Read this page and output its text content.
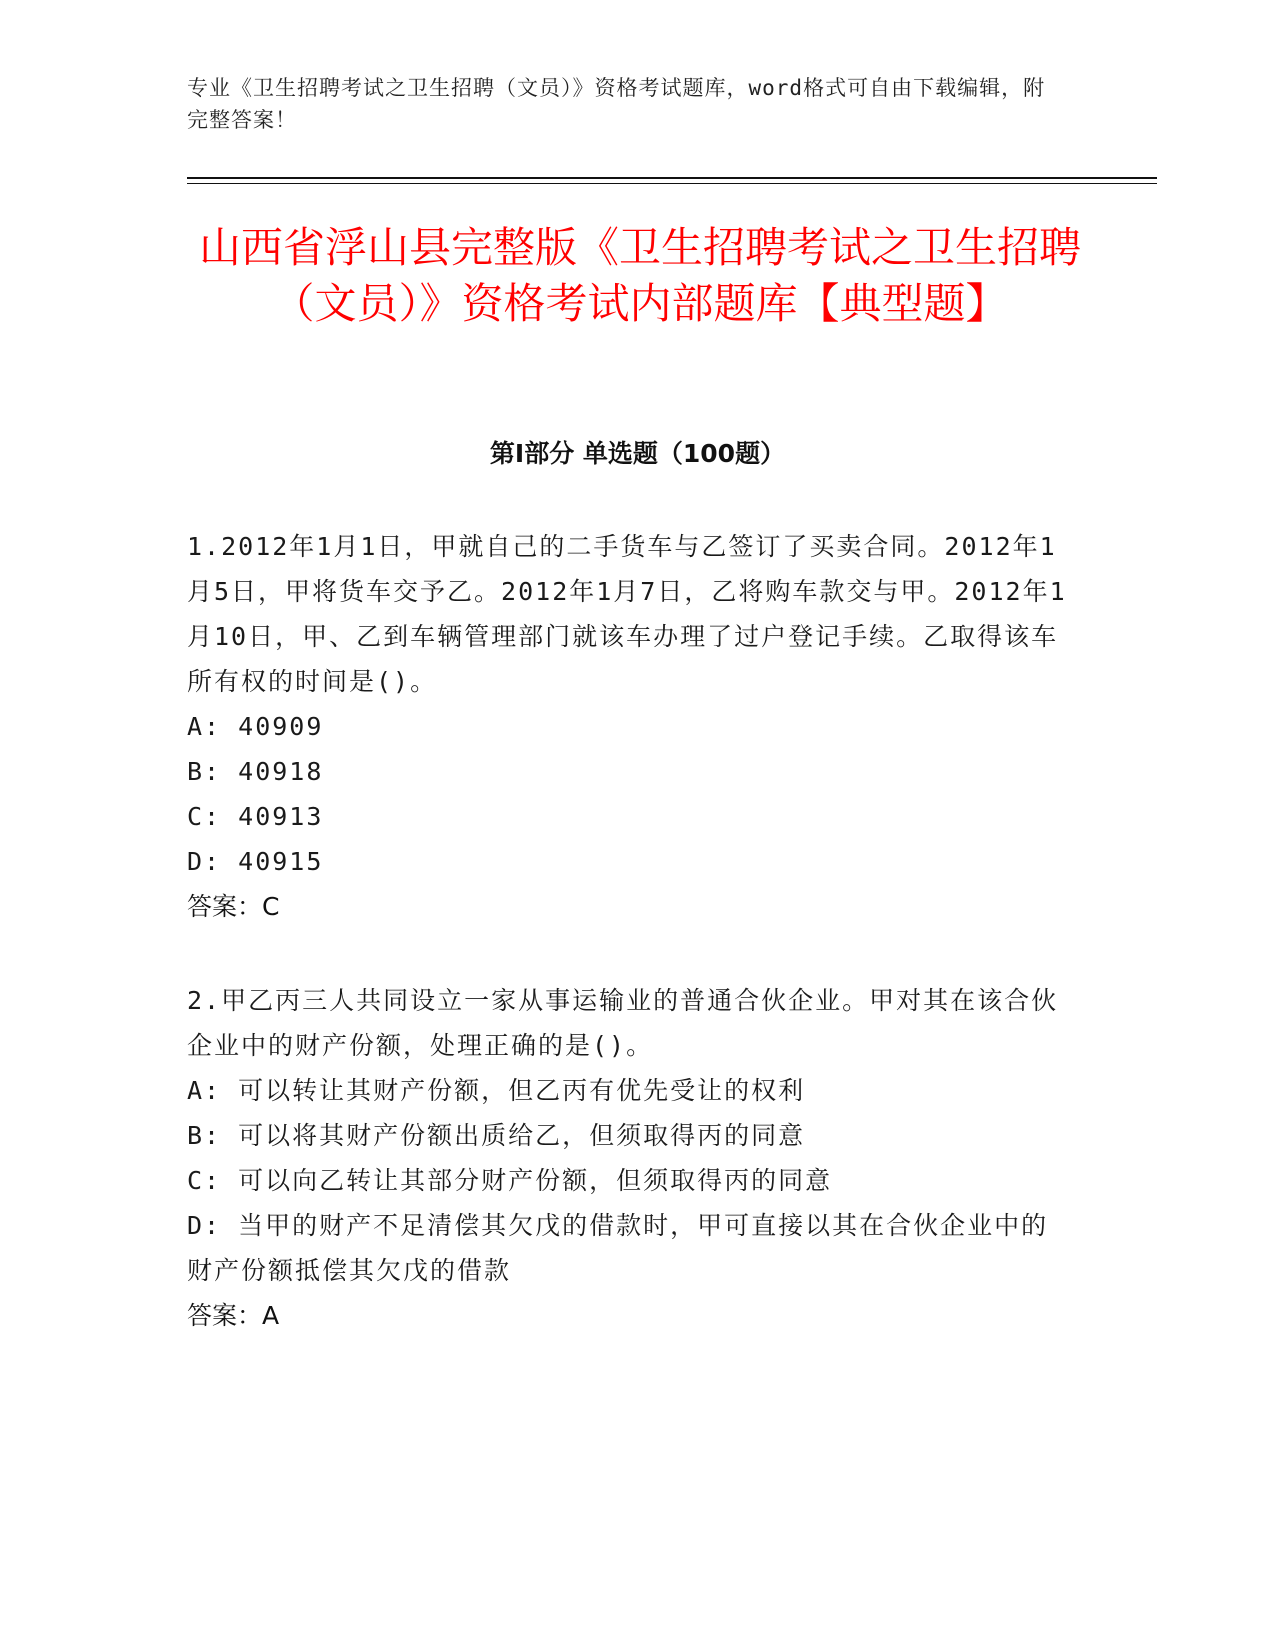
专业《卫生招聘考试之卫生招聘（文员）》资格考试题库，word格式可自由下载编辑，附完整答案！
山西省浮山县完整版《卫生招聘考试之卫生招聘（文员）》资格考试内部题库【典型题】
第Ⅰ部分 单选题（100题）
1.2012年1月1日，甲就自己的二手货车与乙签订了买卖合同。2012年1月5日，甲将货车交予乙。2012年1月7日，乙将购车款交与甲。2012年1月10日，甲、乙到车辆管理部门就该车办理了过户登记手续。乙取得该车所有权的时间是()。
A: 40909
B: 40918
C: 40913
D: 40915
答案：C
2.甲乙丙三人共同设立一家从事运输业的普通合伙企业。甲对其在该合伙企业中的财产份额，处理正确的是()。
A: 可以转让其财产份额，但乙丙有优先受让的权利
B: 可以将其财产份额出质给乙，但须取得丙的同意
C: 可以向乙转让其部分财产份额，但须取得丙的同意
D: 当甲的财产不足清偿其欠戊的借款时，甲可直接以其在合伙企业中的财产份额抵偿其欠戊的借款
答案：A
